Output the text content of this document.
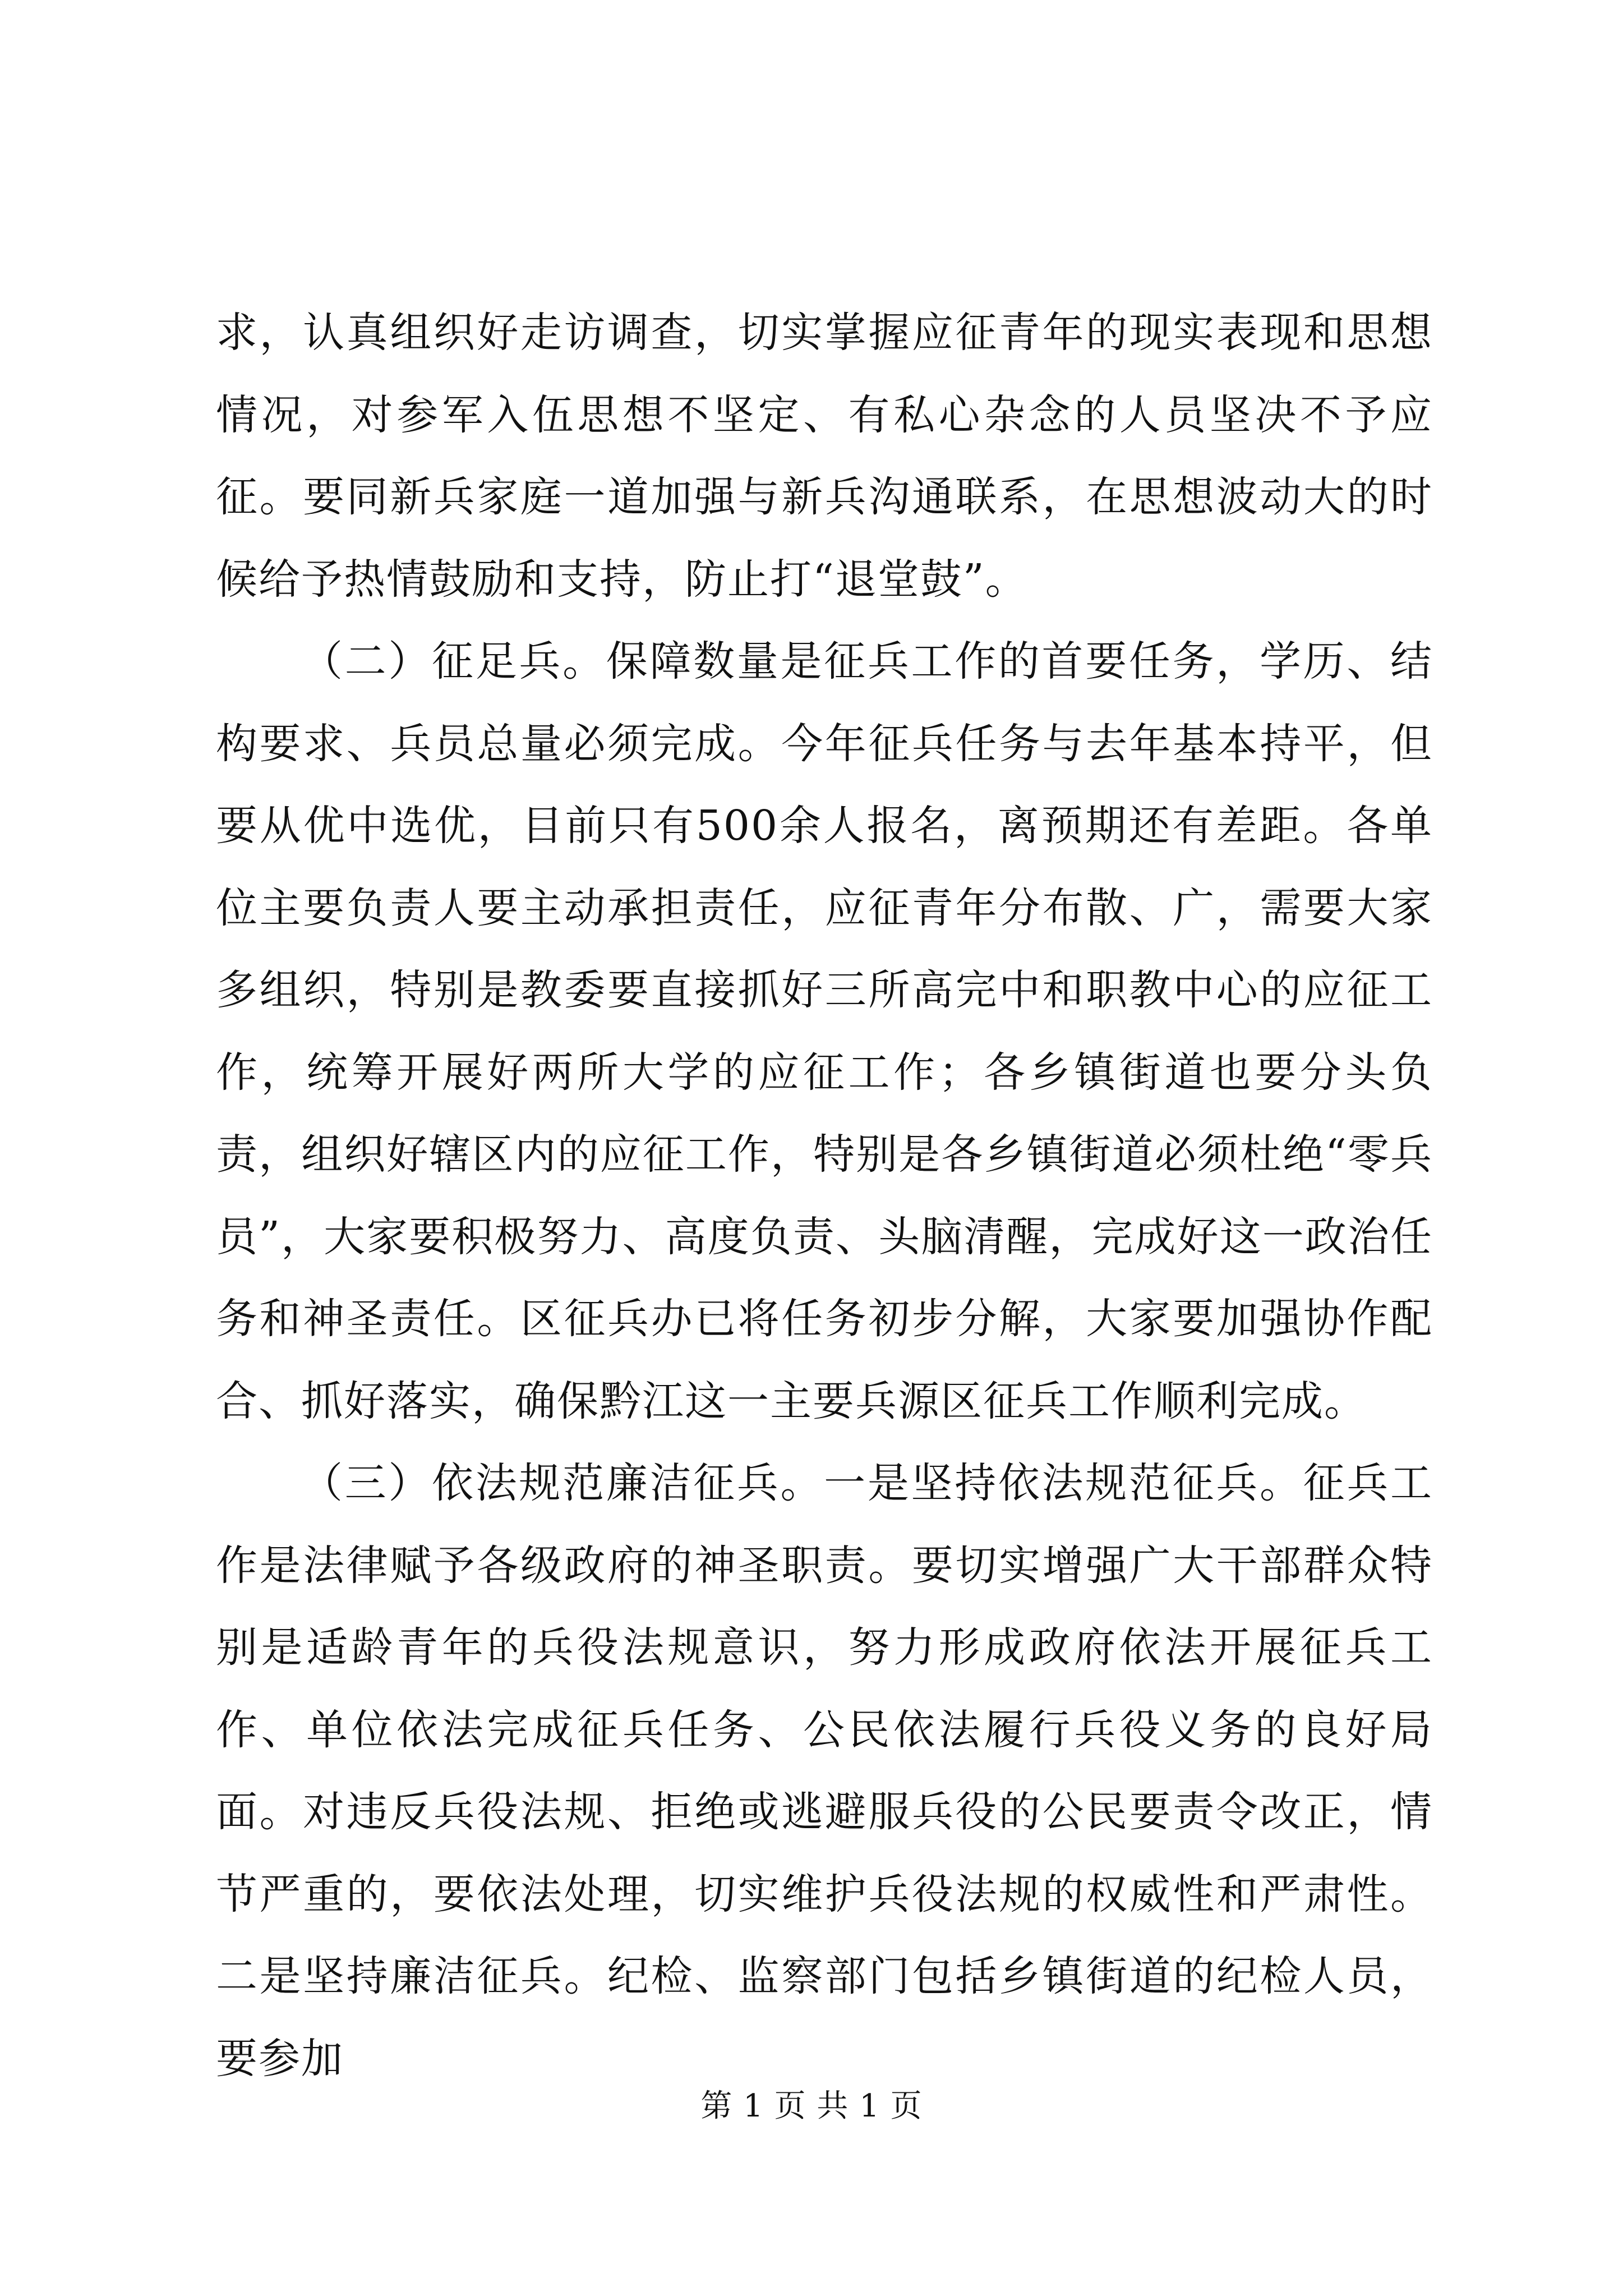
求，认真组织好走访调查，切实掌握应征青年的现实表现和思想情况，对参军入伍思想不坚定、有私心杂念的人员坚决不予应征。要同新兵家庭一道加强与新兵沟通联系，在思想波动大的时候给予热情鼓励和支持，防止打“退堂鼓”。

（二）征足兵。保障数量是征兵工作的首要任务，学历、结构要求、兵员总量必须完成。今年征兵任务与去年基本持平，但要从优中选优，目前只有500余人报名，离预期还有差距。各单位主要负责人要主动承担责任，应征青年分布散、广，需要大家多组织，特别是教委要直接抓好三所高完中和职教中心的应征工作，统筹开展好两所大学的应征工作；各乡镇街道也要分头负责，组织好辖区内的应征工作，特别是各乡镇街道必须杜绝“零兵员”，大家要积极努力、高度负责、头脑清醒，完成好这一政治任务和神圣责任。区征兵办已将任务初步分解，大家要加强协作配合、抓好落实，确保黔江这一主要兵源区征兵工作顺利完成。

（三）依法规范廉洁征兵。一是坚持依法规范征兵。征兵工作是法律赋予各级政府的神圣职责。要切实增强广大干部群众特别是适龄青年的兵役法规意识，努力形成政府依法开展征兵工作、单位依法完成征兵任务、公民依法履行兵役义务的良好局面。对违反兵役法规、拒绝或逃避服兵役的公民要责令改正，情节严重的，要依法处理，切实维护兵役法规的权威性和严肃性。二是坚持廉洁征兵。纪检、监察部门包括乡镇街道的纪检人员，要参加

第 1 页 共 1 页
